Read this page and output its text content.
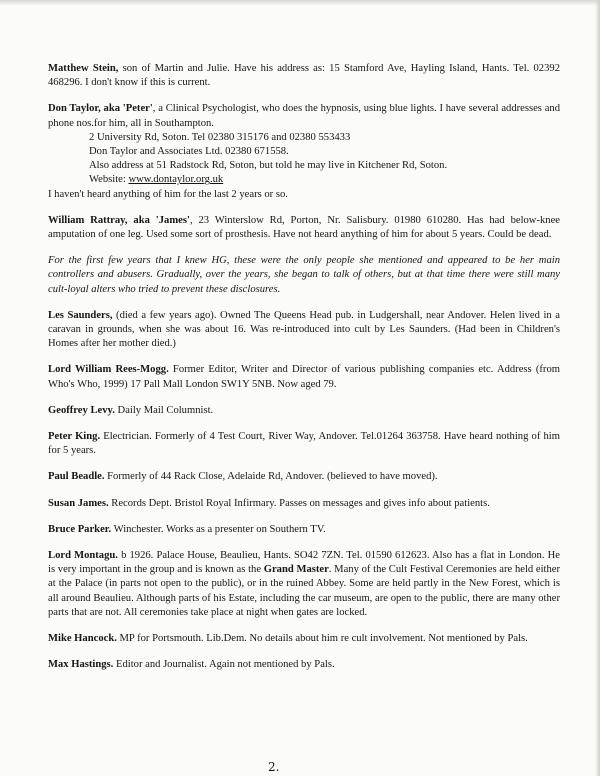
Matthew Stein, son of Martin and Julie. Have his address as: 15 Stamford Ave, Hayling Island, Hants. Tel. 02392 468296. I don't know if this is current.

Don Taylor, aka 'Peter', a Clinical Psychologist, who does the hypnosis, using blue lights. I have several addresses and phone nos.for him, all in Southampton.

2 University Rd, Soton. Tel 02380 315176 and 02380 553433

Don Taylor and Associates Ltd. 02380 671558.

Also address at 51 Radstock Rd, Soton, but told he may live in Kitchener Rd, Soton.

Website: www.dontaylor.org.uk

I haven't heard anything of him for the last 2 years or so.

William Rattray, aka 'James', 23 Winterslow Rd, Porton, Nr. Salisbury. 01980 610280. Has had below-knee amputation of one leg. Used some sort of prosthesis. Have not heard anything of him for about 5 years. Could be dead.
For the first few years that I knew HG, these were the only people she mentioned and appeared to be her main controllers and abusers. Gradually, over the years, she began to talk of others, but at that time there were still many cult-loyal alters who tried to prevent these disclosures.
Les Saunders, (died a few years ago). Owned The Queens Head pub. in Ludgershall, near Andover. Helen lived in a caravan in grounds, when she was about 16. Was re-introduced into cult by Les Saunders. (Had been in Children's Homes after her mother died.)
Lord William Rees-Mogg. Former Editor, Writer and Director of various publishing companies etc. Address (from Who's Who, 1999) 17 Pall Mall London SW1Y 5NB. Now aged 79.
Geoffrey Levy. Daily Mail Columnist.
Peter King. Electrician. Formerly of 4 Test Court, River Way, Andover. Tel.01264 363758. Have heard nothing of him for 5 years.
Paul Beadle. Formerly of 44 Rack Close, Adelaide Rd, Andover. (believed to have moved).
Susan James. Records Dept. Bristol Royal Infirmary. Passes on messages and gives info about patients.
Bruce Parker. Winchester. Works as a presenter on Southern TV.
Lord Montagu. b 1926. Palace House, Beaulieu, Hants. SO42 7ZN. Tel. 01590 612623. Also has a flat in London. He is very important in the group and is known as the Grand Master. Many of the Cult Festival Ceremonies are held either at the Palace (in parts not open to the public), or in the ruined Abbey. Some are held partly in the New Forest, which is all around Beaulieu. Although parts of his Estate, including the car museum, are open to the public, there are many other parts that are not. All ceremonies take place at night when gates are locked.
Mike Hancock. MP for Portsmouth. Lib.Dem. No details about him re cult involvement. Not mentioned by Pals.
Max Hastings. Editor and Journalist. Again not mentioned by Pals.
2.
